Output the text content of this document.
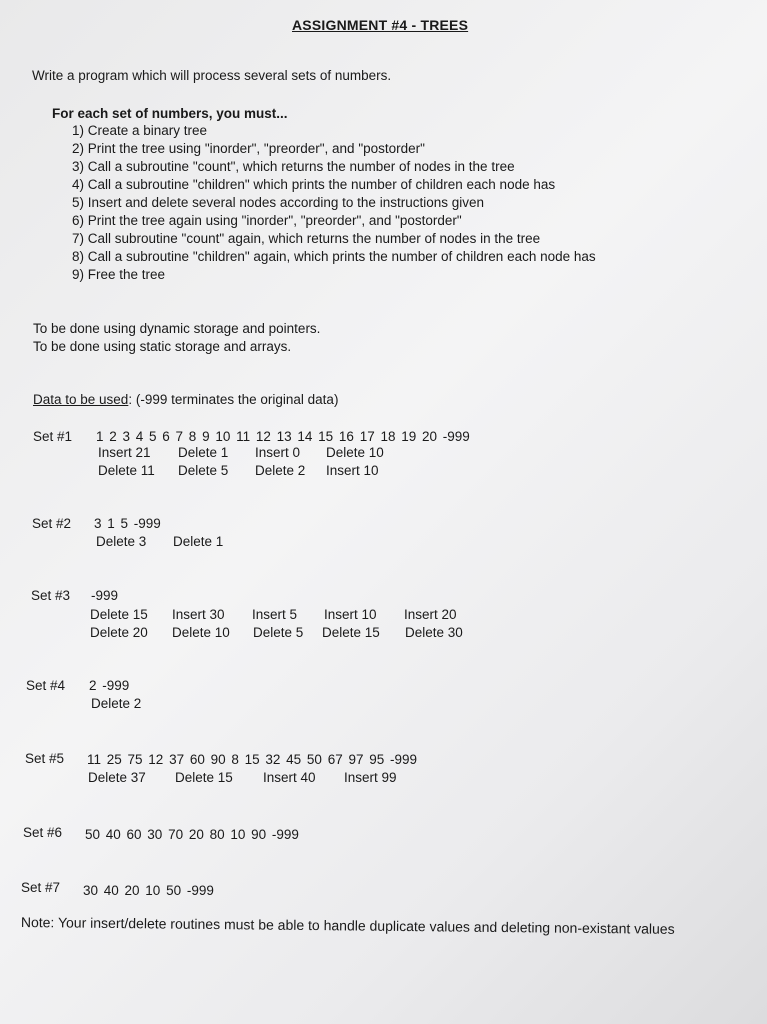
ASSIGNMENT #4 - TREES
Write a program which will process several sets of numbers.
For each set of numbers, you must...
1) Create a binary tree
2) Print the tree using "inorder", "preorder", and "postorder"
3) Call a subroutine "count", which returns the number of nodes in the tree
4) Call a subroutine "children" which prints the number of children each node has
5) Insert and delete several nodes according to the instructions given
6) Print the tree again using "inorder", "preorder", and "postorder"
7) Call subroutine "count" again, which returns the number of nodes in the tree
8) Call a subroutine "children" again, which prints the number of children each node has
9) Free the tree
To be done using dynamic storage and pointers.
To be done using static storage and arrays.
Data to be used: (-999 terminates the original data)
Set #1 1 2 3 4 5 6 7 8 9 10 11 12 13 14 15 16 17 18 19 20 -999
Insert 21 Delete 1 Insert 0 Delete 10
Delete 11 Delete 5 Delete 2 Insert 10
Set #2 3 1 5 -999
Delete 3 Delete 1
Set #3 -999
Delete 15 Insert 30 Insert 5 Insert 10 Insert 20
Delete 20 Delete 10 Delete 5 Delete 15 Delete 30
Set #4 2 -999
Delete 2
Set #5 11 25 75 12 37 60 90 8 15 32 45 50 67 97 95 -999
Delete 37 Delete 15 Insert 40 Insert 99
Set #6 50 40 60 30 70 20 80 10 90 -999
Set #7 30 40 20 10 50 -999
Note: Your insert/delete routines must be able to handle duplicate values and deleting non-existant values
